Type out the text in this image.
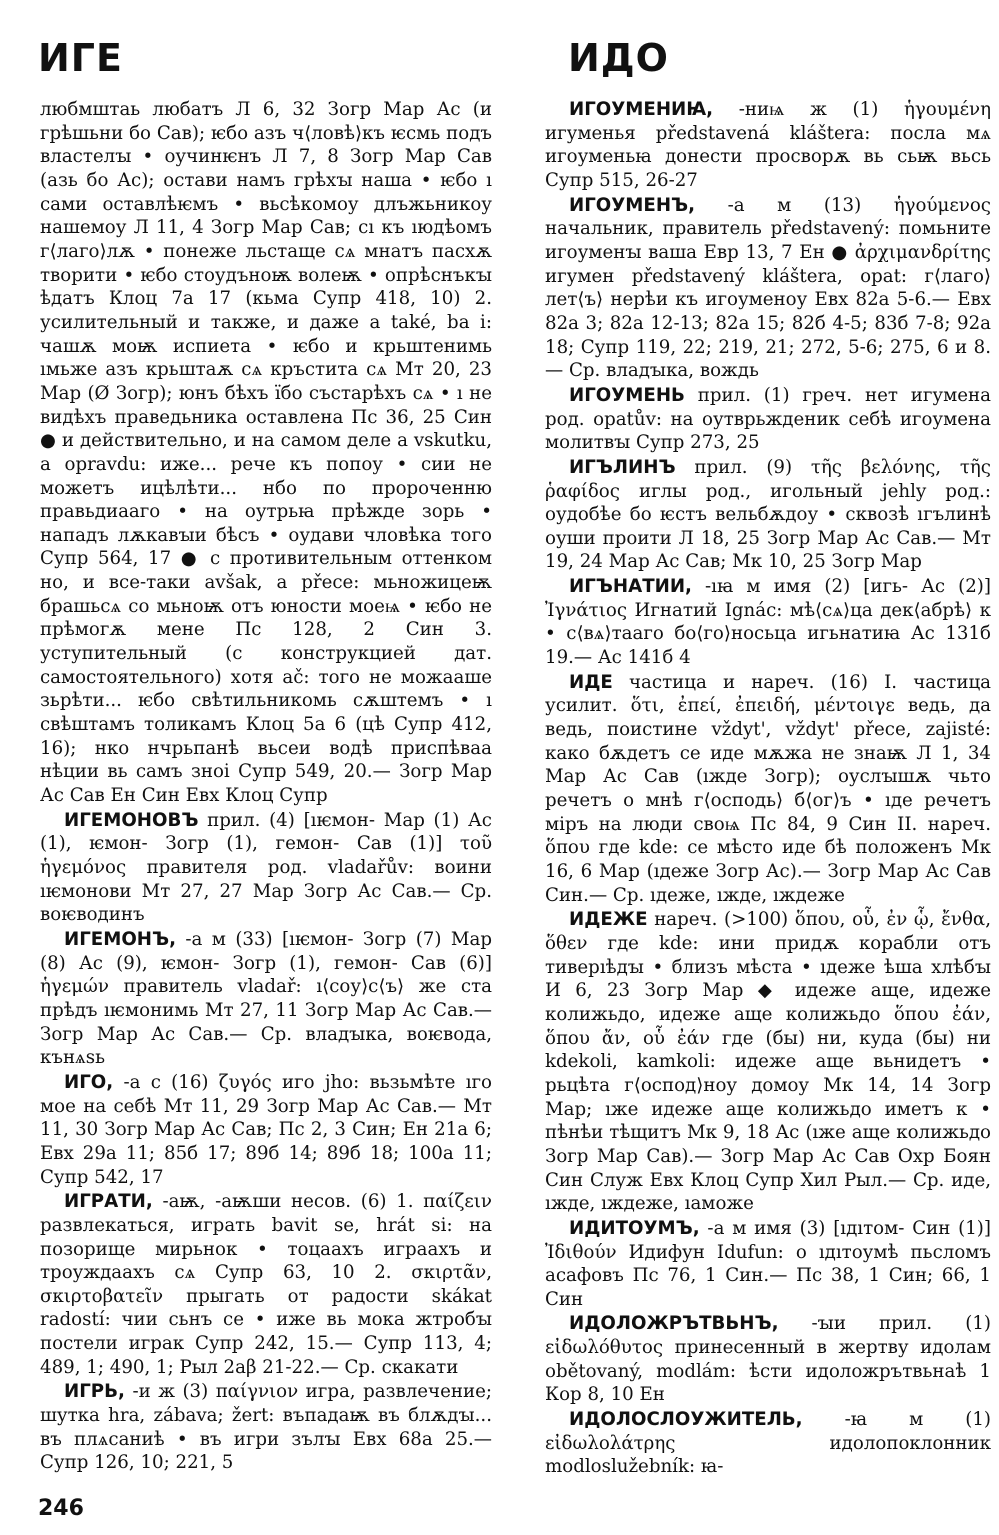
ИГЕ	ИДО

любмштаь любатъ Л 6, 32 Зогр Мар Ас (и грѣшьни бо Сав); ѥбо азъ ч⟨ловѣ⟩къ ѥсмь подъ властелꙑ • оучинѥнъ Л 7, 8 Зогр Мар Сав (азь бо Ас); остави намъ грѣхꙑ наша • ѥбо ı сами оставлѣѥмъ • вьсѣкомоу длъжьникоу нашемоу Л 11, 4 Зогр Мар Сав; сı къ ıюдѣомъ г⟨лаго⟩лѫ • понеже льстаще сѧ мнатъ пасхѫ творити • ѥбо стоудъноѭ волеѭ • опрѣснъкꙑ ѣдатъ Клоц 7а 17 (кьма Супр 418, 10) 2. усилительный и также, и даже а také, ba i: чашѫ моѭ испиета • ѥбо и крьштенимь ıмьже азъ крьштаѫ сѧ кръстита сѧ Мт 20, 23 Мар (Ø Зогр); юнъ бѣхъ їбо състарѣхъ сѧ • ı не видѣхъ праведьника оставлена Пс 36, 25 Син ● и действительно, и на самом деле a vskutku, a opravdu: иже... рече къ попоу • сии не можетъ ицѣлѣти... нбо по пророченню правьдиааго • на оутрьꙗ прѣжде зорь • нападъ лѫкавꙑи бѣсъ • оудави чловѣка того Супр 564, 17 ● с противительным оттенком но, и все-таки avšak, a přece: мьножицеѭ брашьсѧ со мьноѭ отъ юности моеѩ • ѥбо не прѣмогѫ мене Пс 128, 2 Син 3. уступительный (с конструкцией дат. самостоятельного) хотя ač: того не можааше зьрѣти... ѥбо свѣтильникомь сѫштемъ • ı свѣштамъ толикамъ Клоц 5а 6 (цѣ Супр 412, 16); нко нчрьпанѣ вьсеи водѣ приспѣваа нѣции вь самъ зноі Супр 549, 20.— Зогр Мар Ас Сав Ен Син Евх Клоц Супр

ИГЕМОНОВЪ прил. (4) [ıѥмон- Мар (1) Ас (1), ѥмон- Зогр (1), гемон- Сав (1)] τοῦ ἡγεμόνος правителя род. vladařův: воини ıѥмонови Мт 27, 27 Мар Зогр Ас Сав.— Ср. воѥводинъ

ИГЕМОНЪ, -а м (33) [ıѥмон- Зогр (7) Мар (8) Ас (9), ѥмон- Зогр (1), гемон- Сав (6)] ἡγεμών правитель vladař: ı⟨соу⟩с⟨ъ⟩ же ста прѣдъ ıѥмонимь Мт 27, 11 Зогр Мар Ас Сав.— Зогр Мар Ас Сав.— Ср. владꙑка, воѥвода, кънѧѕь

ИГО, -а с (16) ζυγός иго jho: вьзьмѣте ıго мое на себѣ Мт 11, 29 Зогр Мар Ас Сав.— Мт 11, 30 Зогр Мар Ас Сав; Пс 2, 3 Син; Ен 21а 6; Евх 29а 11; 85б 17; 89б 14; 89б 18; 100а 11; Супр 542, 17

ИГРАТИ, -аѭ, -аѭши несов. (6) 1. παίζειν развлекаться, играть bavit se, hrát si: на позорище мирьнок • тоцаахъ играахъ и троуждаахъ сѧ Супр 63, 10 2. σκιρτᾶν, σκιρτοβατεῖν прыгать от радости skákat radostí: чии сьнъ се • иже вь мока жтробꙑ постели играк Супр 242, 15.— Супр 113, 4; 489, 1; 490, 1; Рыл 2аβ 21-22.— Ср. скакати

ИГРЬ, -и ж (3) παίγνιον игра, развлечение; шутка hra, zábava; žert: въпадаѭ въ блѫдꙑ... въ плѧсаниѣ • въ игри зълꙑ Евх 68а 25.— Супр 126, 10; 221, 5

ИГОУМЕНИꙖ, -ниѩ ж (1) ἡγουμένη игуменья představená kláštera: посла мѧ игоуменьꙗ донести просворѫ вь сьѭ вьсь Супр 515, 26-27

ИГОУМЕНЪ, -а м (13) ἡγούμενος начальник, правитель představený: помьните игоуменꙑ ваша Евр 13, 7 Ен ● ἀρχιμανδρίτης игумен představený kláštera, opat: г⟨лаго⟩лет⟨ъ⟩ нерѣи къ игоуменоу Евх 82а 5-6.— Евх 82а 3; 82а 12-13; 82а 15; 82б 4-5; 83б 7-8; 92а 18; Супр 119, 22; 219, 21; 272, 5-6; 275, 6 и 8.— Ср. владꙑка, вождь

ИГОУМЕНЬ прил. (1) греч. нет игумена род. opatův: на оутврьжденик себѣ игоумена молитвꙑ Супр 273, 25

ИГЪЛИНЪ прил. (9) τῆς βελόνης, τῆς ῥαφίδος иглы род., игольный jehly род.: оудобѣе бо ѥстъ вельбѫдоу • сквозѣ ıгълинѣ оуши проити Л 18, 25 Зогр Мар Ас Сав.— Мт 19, 24 Мар Ас Сав; Мк 10, 25 Зогр Мар

ИГЪНАТИИ, -ıꙗ м имя (2) [игь- Ас (2)] Ἰγνάτιος Игнатий Ignác: мѣ⟨сѧ⟩ца дек⟨абрѣ⟩ к • с⟨вѧ⟩тааго бо⟨го⟩носьца игьнатиꙗ Ас 131б 19.— Ас 141б 4

ИДЕ частица и нареч. (16) I. частица усилит. ὅτι, ἐπεί, ἐπειδή, μέντοιγε ведь, да ведь, поистине vždyt', vždyt' přece, zajisté: како бѫдетъ се иде мѫжа не знаѭ Л 1, 34 Мар Ас Сав (ıжде Зогр); оуслꙑшѫ чьто речетъ о мнѣ г⟨осподь⟩ б⟨ог⟩ъ • ıде речетъ міръ на люди своѩ Пс 84, 9 Син II. нареч. ὅπου где kde: се мѣсто иде бѣ положенъ Мк 16, 6 Мар (ıдеже Зогр Ас).— Зогр Мар Ас Сав Син.— Ср. ıдеже, ıжде, ıждеже

ИДЕЖЕ нареч. (>100) ὅπου, οὗ, ἐν ᾧ, ἔνθα, ὅθεν где kde: ини придѫ корабли отъ тиверıѣдꙑ • близъ мѣста • ıдеже ѣша хлѣбꙑ И 6, 23 Зогр Мар ◆ идеже аще, идеже колижьдо, идеже аще колижьдо ὅπου ἐάν, ὅπου ἄν, οὗ ἐάν где (бы) ни, куда (бы) ни kdekoli, kamkoli: идеже аще вьнидетъ • рьцѣта г⟨оспод⟩ноу домоу Мк 14, 14 Зогр Мар; ıже идеже аще колижьдо иметъ к • пѣнѣи тѣщитъ Мк 9, 18 Ас (ıже аще колижьдо Зогр Мар Сав).— Зогр Мар Ас Сав Охр Боян Син Служ Евх Клоц Супр Хил Рыл.— Ср. иде, ıжде, ıждеже, ıаможе

ИДИТОУМЪ, -а м имя (3) [ıдıтом- Син (1)] Ἰδιθούν Идифун Idufun: о ıдıтоумѣ пьсломъ асафовъ Пс 76, 1 Син.— Пс 38, 1 Син; 66, 1 Син

ИДОЛОЖРЪТВЬНЪ, -ꙑи прил. (1) εἰδωλόθυτος принесенный в жертву идолам obětovaný, modlám: ѣсти идоложрътвьнаѣ 1 Кор 8, 10 Ен

ИДОЛОСЛОУЖИТЕЛЬ, -ꙗ м (1) εἰδωλολάτρης идолопоклонник modloslužebník: ꙗ-

246
